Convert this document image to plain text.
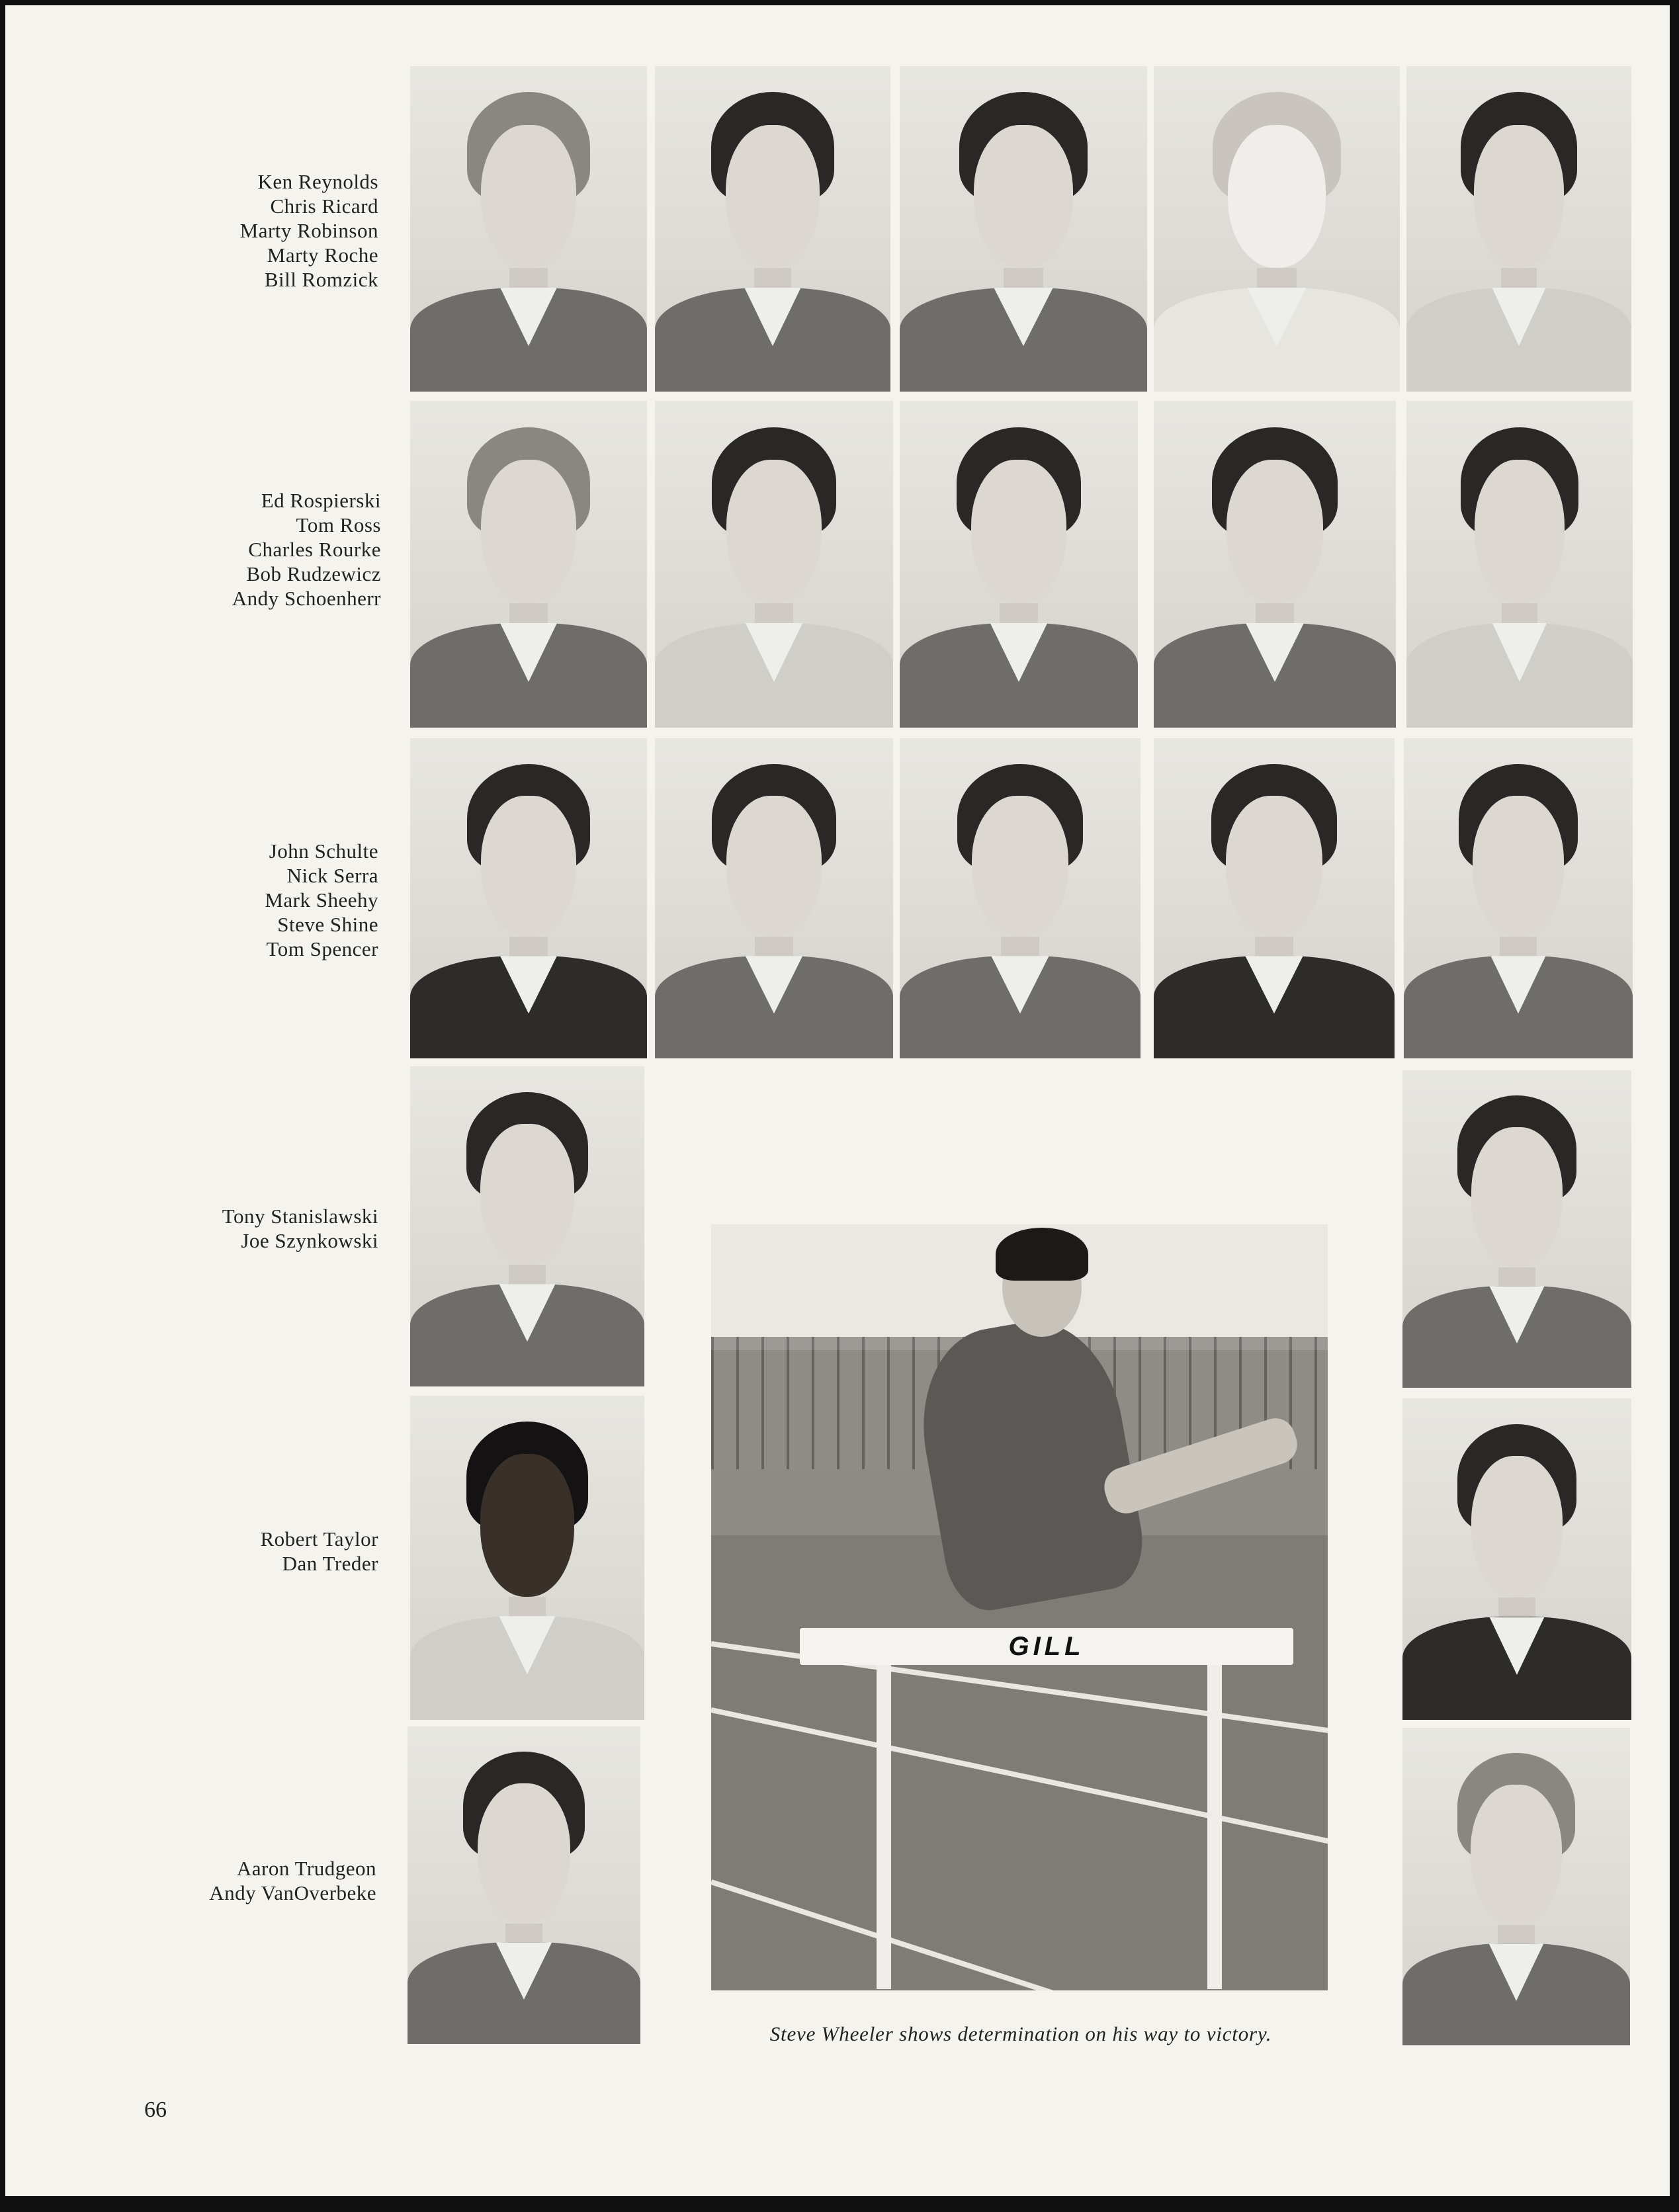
Ken Reynolds
Chris Ricard
Marty Robinson
Marty Roche
Bill Romzick
Ed Rospierski
Tom Ross
Charles Rourke
Bob Rudzewicz
Andy Schoenherr
John Schulte
Nick Serra
Mark Sheehy
Steve Shine
Tom Spencer
Tony Stanislawski
Joe Szynkowski
Robert Taylor
Dan Treder
Aaron Trudgeon
Andy VanOverbeke
GILL
Steve Wheeler shows determination on his way to victory.
66
